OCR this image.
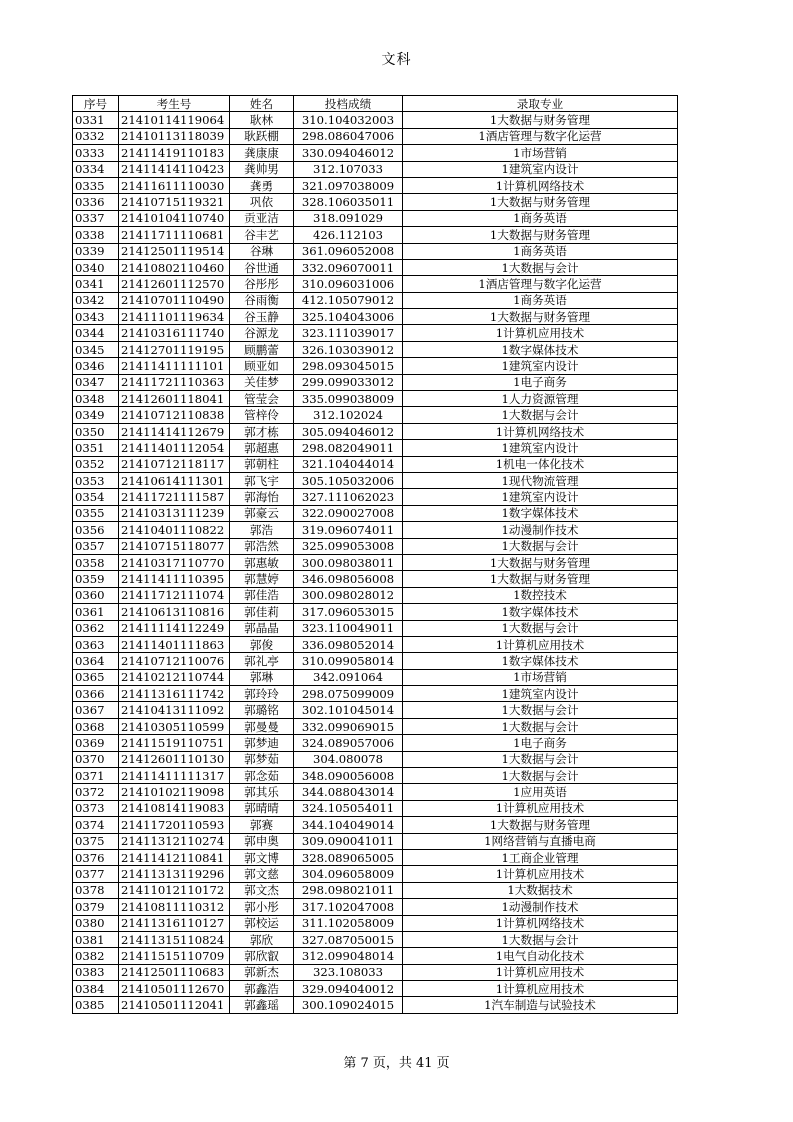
文科
序号	考生号	姓名	投档成绩	录取专业
0331	21410114119064	耿林	310.104032003	1大数据与财务管理
0332	21410113118039	耿跃棚	298.086047006	1酒店管理与数字化运营
0333	21411419110183	龚康康	330.094046012	1市场营销
0334	21411414110423	龚帅男	312.107033	1建筑室内设计
0335	21411611110030	龚勇	321.097038009	1计算机网络技术
0336	21410715119321	巩依	328.106035011	1大数据与财务管理
0337	21410104110740	贡亚洁	318.091029	1商务英语
0338	21411711110681	谷丰艺	426.112103	1大数据与财务管理
0339	21412501119514	谷琳	361.096052008	1商务英语
0340	21410802110460	谷世通	332.096070011	1大数据与会计
0341	21412601112570	谷彤彤	310.096031006	1酒店管理与数字化运营
0342	21410701110490	谷雨衡	412.105079012	1商务英语
0343	21411101119634	谷玉静	325.104043006	1大数据与财务管理
0344	21410316111740	谷源龙	323.111039017	1计算机应用技术
0345	21412701119195	顾鹏蕾	326.103039012	1数字媒体技术
0346	21411411111101	顾亚如	298.093045015	1建筑室内设计
0347	21411721110363	关佳梦	299.099033012	1电子商务
0348	21412601118041	管莹会	335.099038009	1人力资源管理
0349	21410712110838	管梓伶	312.102024	1大数据与会计
0350	21411414112679	郭才栋	305.094046012	1计算机网络技术
0351	21411401112054	郭超惠	298.082049011	1建筑室内设计
0352	21410712118117	郭朝柱	321.104044014	1机电一体化技术
0353	21410614111301	郭飞宇	305.105032006	1现代物流管理
0354	21411721111587	郭海怡	327.111062023	1建筑室内设计
0355	21410313111239	郭豪云	322.090027008	1数字媒体技术
0356	21410401110822	郭浩	319.096074011	1动漫制作技术
0357	21410715118077	郭浩然	325.099053008	1大数据与会计
0358	21410317110770	郭惠敏	300.098038011	1大数据与财务管理
0359	21411411110395	郭慧婷	346.098056008	1大数据与财务管理
0360	21411712111074	郭佳浩	300.098028012	1数控技术
0361	21410613110816	郭佳莉	317.096053015	1数字媒体技术
0362	21411114112249	郭晶晶	323.110049011	1大数据与会计
0363	21411401111863	郭俊	336.098052014	1计算机应用技术
0364	21410712110076	郭礼亭	310.099058014	1数字媒体技术
0365	21410212110744	郭琳	342.091064	1市场营销
0366	21411316111742	郭玲玲	298.075099009	1建筑室内设计
0367	21410413111092	郭璐铭	302.101045014	1大数据与会计
0368	21410305110599	郭曼曼	332.099069015	1大数据与会计
0369	21411519110751	郭梦迪	324.089057006	1电子商务
0370	21412601110130	郭梦茹	304.080078	1大数据与会计
0371	21411411111317	郭念茹	348.090056008	1大数据与会计
0372	21410102119098	郭其乐	344.088043014	1应用英语
0373	21410814119083	郭晴晴	324.105054011	1计算机应用技术
0374	21411720110593	郭赛	344.104049014	1大数据与财务管理
0375	21411312110274	郭申奥	309.090041011	1网络营销与直播电商
0376	21411412110841	郭文博	328.089065005	1工商企业管理
0377	21411313119296	郭文慈	304.096058009	1计算机应用技术
0378	21411012110172	郭文杰	298.098021011	1大数据技术
0379	21410811110312	郭小彤	317.102047008	1动漫制作技术
0380	21411316110127	郭校运	311.102058009	1计算机网络技术
0381	21411315110824	郭欣	327.087050015	1大数据与会计
0382	21411515110709	郭欣叡	312.099048014	1电气自动化技术
0383	21412501110683	郭新杰	323.108033	1计算机应用技术
0384	21410501112670	郭鑫浩	329.094040012	1计算机应用技术
0385	21410501112041	郭鑫瑶	300.109024015	1汽车制造与试验技术
第 7 页，共 41 页
